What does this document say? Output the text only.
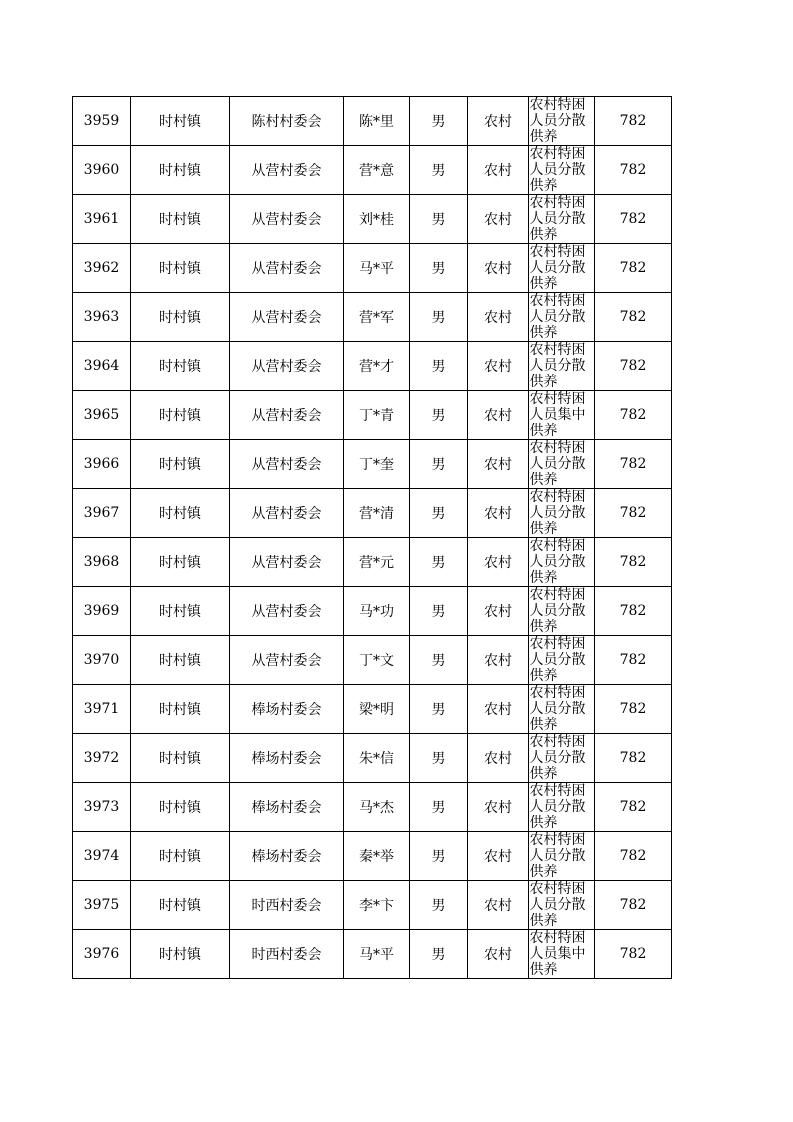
3959	时村镇	陈村村委会	陈*里	男	农村	农村特困人员分散供养	782
3960	时村镇	从营村委会	营*意	男	农村	农村特困人员分散供养	782
3961	时村镇	从营村委会	刘*桂	男	农村	农村特困人员分散供养	782
3962	时村镇	从营村委会	马*平	男	农村	农村特困人员分散供养	782
3963	时村镇	从营村委会	营*军	男	农村	农村特困人员分散供养	782
3964	时村镇	从营村委会	营*才	男	农村	农村特困人员分散供养	782
3965	时村镇	从营村委会	丁*青	男	农村	农村特困人员集中供养	782
3966	时村镇	从营村委会	丁*奎	男	农村	农村特困人员分散供养	782
3967	时村镇	从营村委会	营*清	男	农村	农村特困人员分散供养	782
3968	时村镇	从营村委会	营*元	男	农村	农村特困人员分散供养	782
3969	时村镇	从营村委会	马*功	男	农村	农村特困人员分散供养	782
3970	时村镇	从营村委会	丁*文	男	农村	农村特困人员分散供养	782
3971	时村镇	棒场村委会	梁*明	男	农村	农村特困人员分散供养	782
3972	时村镇	棒场村委会	朱*信	男	农村	农村特困人员分散供养	782
3973	时村镇	棒场村委会	马*杰	男	农村	农村特困人员分散供养	782
3974	时村镇	棒场村委会	秦*举	男	农村	农村特困人员分散供养	782
3975	时村镇	时西村委会	李*卞	男	农村	农村特困人员分散供养	782
3976	时村镇	时西村委会	马*平	男	农村	农村特困人员集中供养	782
